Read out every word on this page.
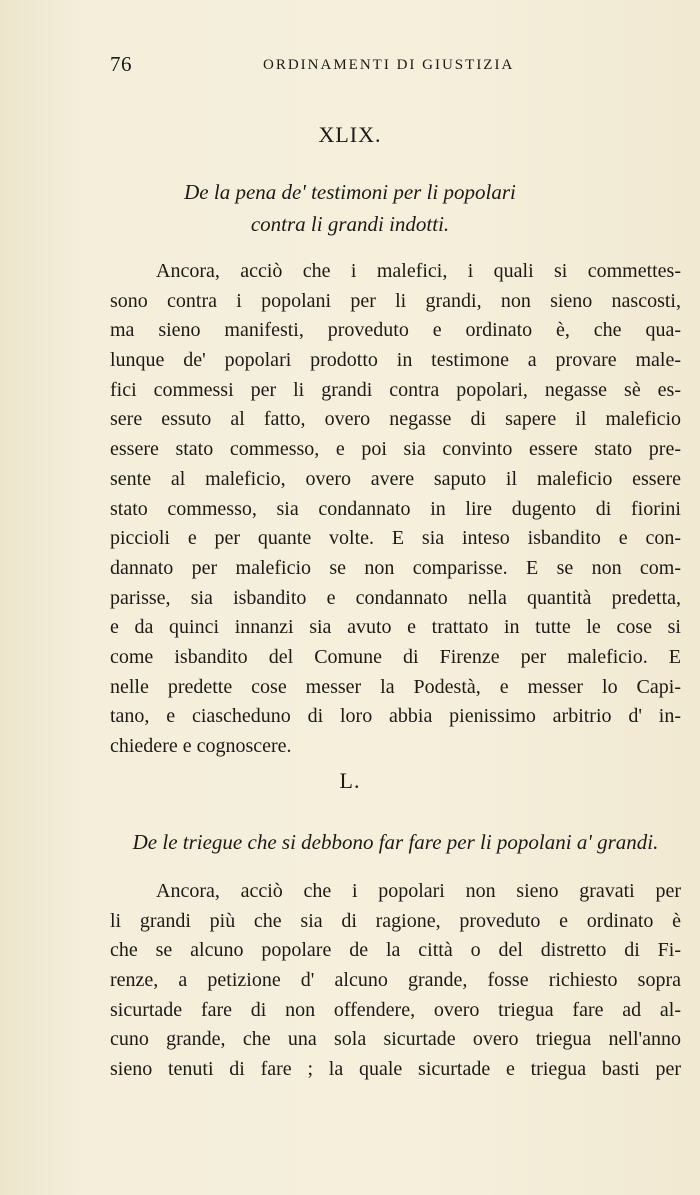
76	ORDINAMENTI DI GIUSTIZIA
XLIX.
De la pena de' testimoni per li popolari
contra li grandi indotti.
Ancora, acciò che i malefici, i quali si commettes-
sono contra i popolani per li grandi, non sieno nascosti,
ma sieno manifesti, proveduto e ordinato è, che qua-
lunque de' popolari prodotto in testimone a provare male-
fici commessi per li grandi contra popolari, negasse sè es-
sere essuto al fatto, overo negasse di sapere il maleficio
essere stato commesso, e poi sia convinto essere stato pre-
sente al maleficio, overo avere saputo il maleficio essere
stato commesso, sia condannato in lire dugento di fiorini
piccioli e per quante volte. E sia inteso isbandito e con-
dannato per maleficio se non comparisse. E se non com-
parisse, sia isbandito e condannato nella quantità predetta,
e da quinci innanzi sia avuto e trattato in tutte le cose si
come isbandito del Comune di Firenze per maleficio. E
nelle predette cose messer la Podestà, e messer lo Capi-
tano, e ciascheduno di loro abbia pienissimo arbitrio d' in-
chiedere e cognoscere.
L.
De le triegue che si debbono far fare per li popolani a' grandi.
Ancora, acciò che i popolari non sieno gravati per
li grandi più che sia di ragione, proveduto e ordinato è
che se alcuno popolare de la città o del distretto di Fi-
renze, a petizione d' alcuno grande, fosse richiesto sopra
sicurtade fare di non offendere, overo triegua fare ad al-
cuno grande, che una sola sicurtade overo triegua nell'anno
sieno tenuti di fare ; la quale sicurtade e triegua basti per
